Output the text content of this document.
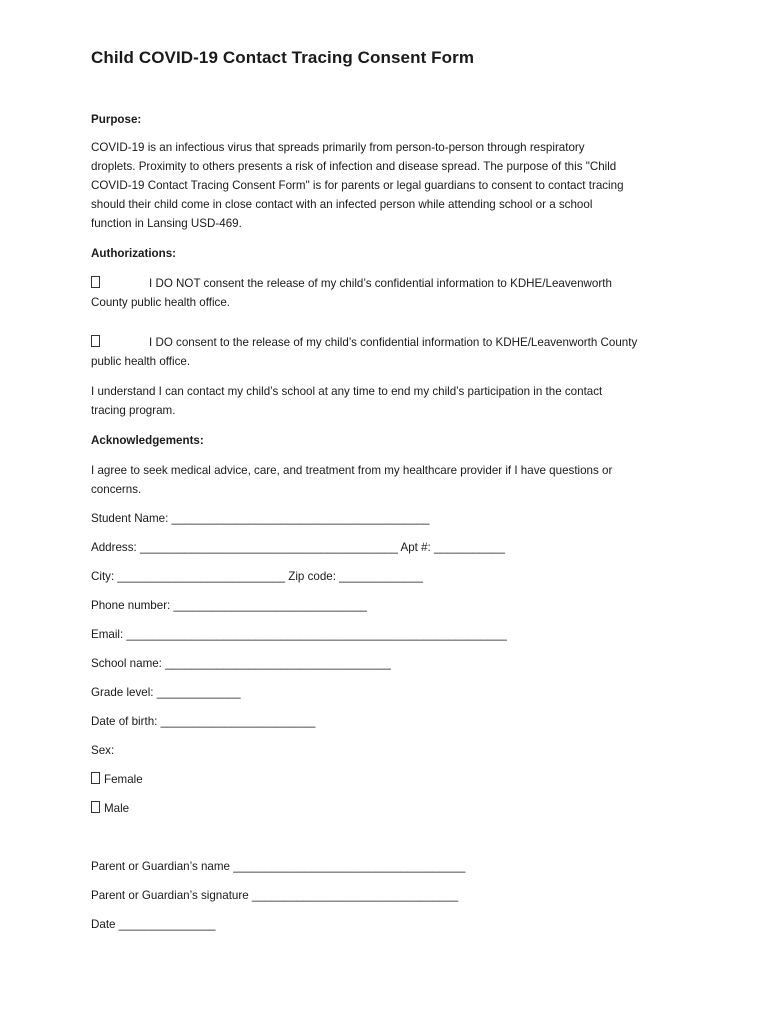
Child COVID-19 Contact Tracing Consent Form

Purpose:

COVID-19 is an infectious virus that spreads primarily from person-to-person through respiratory

droplets. Proximity to others presents a risk of infection and disease spread. The purpose of this "Child

COVID-19 Contact Tracing Consent Form" is for parents or legal guardians to consent to contact tracing

should their child come in close contact with an infected person while attending school or a school

function in Lansing USD-469.

Authorizations:

I DO NOT consent the release of my child’s confidential information to KDHE/Leavenworth

County public health office.

I DO consent to the release of my child’s confidential information to KDHE/Leavenworth County

public health office.

I understand I can contact my child’s school at any time to end my child’s participation in the contact

tracing program.

Acknowledgements:

I agree to seek medical advice, care, and treatment from my healthcare provider if I have questions or

concerns.

Student Name: ________________________________________

Address: ________________________________________ Apt #: ___________

City: __________________________ Zip code: _____________

Phone number: ______________________________

Email: ___________________________________________________________

School name: ___________________________________

Grade level: _____________

Date of birth: ________________________

Sex:

Female

Male

Parent or Guardian’s name ____________________________________

Parent or Guardian’s signature ________________________________

Date _______________
